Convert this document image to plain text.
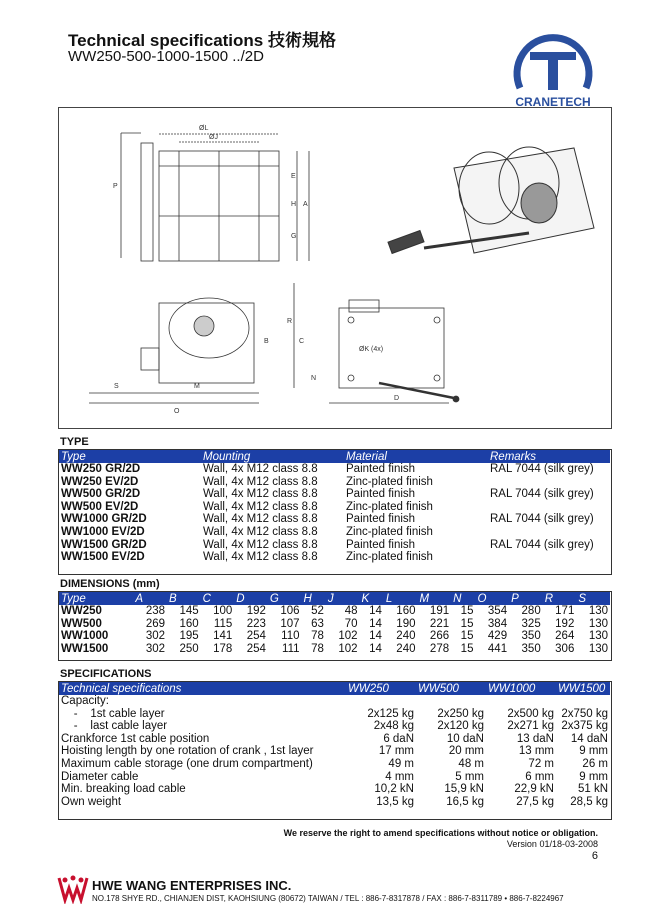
Technical specifications 技術規格
WW250-500-1000-1500 ../2D
CRANETECH
ØL
ØJ
P
E
H A
G
S	M
O
B
R
C
N
D
ØK (4x)
TYPE
Type	Mounting	Material	Remarks
WW250 GR/2D	Wall, 4x M12 class 8.8	Painted finish	RAL 7044 (silk grey)
WW250 EV/2D	Wall, 4x M12 class 8.8	Zinc-plated finish	
WW500 GR/2D	Wall, 4x M12 class 8.8	Painted finish	RAL 7044 (silk grey)
WW500 EV/2D	Wall, 4x M12 class 8.8	Zinc-plated finish	
WW1000 GR/2D	Wall, 4x M12 class 8.8	Painted finish	RAL 7044 (silk grey)
WW1000 EV/2D	Wall, 4x M12 class 8.8	Zinc-plated finish	
WW1500 GR/2D	Wall, 4x M12 class 8.8	Painted finish	RAL 7044 (silk grey)
WW1500 EV/2D	Wall, 4x M12 class 8.8	Zinc-plated finish	
DIMENSIONS (mm)
Type	A	B	C	D	G	H	J	K	L	M	N	O	P	R	S
WW250	238	145	100	192	106	52	48	14	160	191	15	354	280	171	130
WW500	269	160	115	223	107	63	70	14	190	221	15	384	325	192	130
WW1000	302	195	141	254	110	78	102	14	240	266	15	429	350	264	130
WW1500	302	250	178	254	111	78	102	14	240	278	15	441	350	306	130
SPECIFICATIONS
Technical specifications	WW250	WW500	WW1000	WW1500
Capacity:				
-    1st cable layer	2x125 kg	2x250 kg	2x500 kg	2x750 kg
-    last cable layer	2x48 kg	2x120 kg	2x271 kg	2x375 kg
Crankforce 1st cable position	6 daN	10 daN	13 daN	14 daN
Hoisting length by one rotation of crank , 1st layer	17 mm	20 mm	13 mm	9 mm
Maximum cable storage (one drum compartment)	49 m	48 m	72 m	26 m
Diameter cable	4 mm	5 mm	6 mm	9 mm
Min. breaking load cable	10,2 kN	15,9 kN	22,9 kN	51 kN
Own weight	13,5 kg	16,5 kg	27,5 kg	28,5 kg
We reserve the right to amend specifications without notice or obligation.
Version 01/18-03-2008
6
HWE WANG ENTERPRISES INC.
NO.178 SHYE RD., CHIANJEN DIST, KAOHSIUNG (80672) TAIWAN / TEL : 886-7-8317878 / FAX : 886-7-8311789 • 886-7-8224967
